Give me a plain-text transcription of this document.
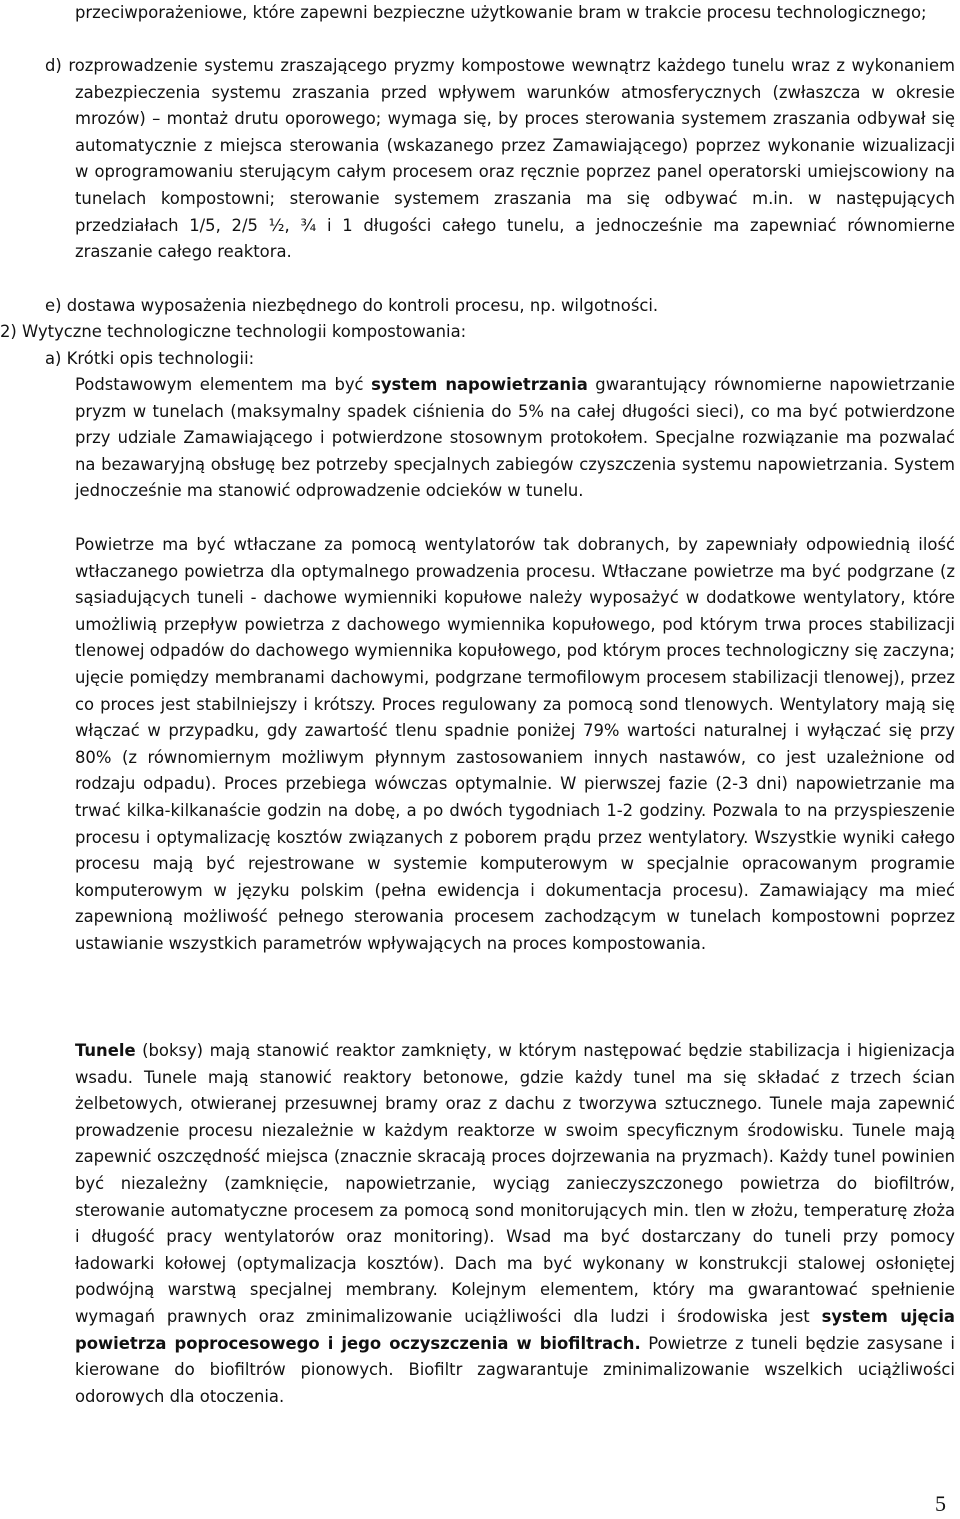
przeciwporażeniowe, które zapewni bezpieczne użytkowanie bram w trakcie procesu technologicznego;

d) rozprowadzenie systemu zraszającego pryzmy kompostowe wewnątrz każdego tunelu wraz z wykonaniem zabezpieczenia systemu zraszania przed wpływem warunków atmosferycznych (zwłaszcza w okresie mrozów) – montaż drutu oporowego; wymaga się, by proces sterowania systemem zraszania odbywał się automatycznie z miejsca sterowania (wskazanego przez Zamawiającego) poprzez wykonanie wizualizacji w oprogramowaniu sterującym całym procesem oraz ręcznie poprzez panel operatorski umiejscowiony na tunelach kompostowni; sterowanie systemem zraszania ma się odbywać m.in. w następujących przedziałach 1/5, 2/5 ½, ¾ i 1 długości całego tunelu, a jednocześnie ma zapewniać równomierne zraszanie całego reaktora.

e) dostawa wyposażenia niezbędnego do kontroli procesu, np. wilgotności.

2) Wytyczne technologiczne technologii kompostowania:

a) Krótki opis technologii:

Podstawowym elementem ma być system napowietrzania gwarantujący równomierne napowietrzanie pryzm w tunelach (maksymalny spadek ciśnienia do 5% na całej długości sieci), co ma być potwierdzone przy udziale Zamawiającego i potwierdzone stosownym protokołem. Specjalne rozwiązanie ma pozwalać na bezawaryjną obsługę bez potrzeby specjalnych zabiegów czyszczenia systemu napowietrzania. System jednocześnie ma stanowić odprowadzenie odcieków w tunelu.

Powietrze ma być wtłaczane za pomocą wentylatorów tak dobranych, by zapewniały odpowiednią ilość wtłaczanego powietrza dla optymalnego prowadzenia procesu. Wtłaczane powietrze ma być podgrzane (z sąsiadujących tuneli - dachowe wymienniki kopułowe należy wyposażyć w dodatkowe wentylatory, które umożliwią przepływ powietrza z dachowego wymiennika kopułowego, pod którym trwa proces stabilizacji tlenowej odpadów do dachowego wymiennika kopułowego, pod którym proces technologiczny się zaczyna; ujęcie pomiędzy membranami dachowymi, podgrzane termofilowym procesem stabilizacji tlenowej), przez co proces jest stabilniejszy i krótszy. Proces regulowany za pomocą sond tlenowych. Wentylatory mają się włączać w przypadku, gdy zawartość tlenu spadnie poniżej 79% wartości naturalnej i wyłączać się przy 80% (z równomiernym możliwym płynnym zastosowaniem innych nastawów, co jest uzależnione od rodzaju odpadu). Proces przebiega wówczas optymalnie. W pierwszej fazie (2-3 dni) napowietrzanie ma trwać kilka-kilkanaście godzin na dobę, a po dwóch tygodniach 1-2 godziny. Pozwala to na przyspieszenie procesu i optymalizację kosztów związanych z poborem prądu przez wentylatory. Wszystkie wyniki całego procesu mają być rejestrowane w systemie komputerowym w specjalnie opracowanym programie komputerowym w języku polskim (pełna ewidencja i dokumentacja procesu). Zamawiający ma mieć zapewnioną możliwość pełnego sterowania procesem zachodzącym w tunelach kompostowni poprzez ustawianie wszystkich parametrów wpływających na proces kompostowania.

Tunele (boksy) mają stanowić reaktor zamknięty, w którym następować będzie stabilizacja i higienizacja wsadu. Tunele mają stanowić reaktory betonowe, gdzie każdy tunel ma się składać z trzech ścian żelbetowych, otwieranej przesuwnej bramy oraz z dachu z tworzywa sztucznego. Tunele maja zapewnić prowadzenie procesu niezależnie w każdym reaktorze w swoim specyficznym środowisku. Tunele mają zapewnić oszczędność miejsca (znacznie skracają proces dojrzewania na pryzmach). Każdy tunel powinien być niezależny (zamknięcie, napowietrzanie, wyciąg zanieczyszczonego powietrza do biofiltrów, sterowanie automatyczne procesem za pomocą sond monitorujących min. tlen w złożu, temperaturę złoża i długość pracy wentylatorów oraz monitoring). Wsad ma być dostarczany do tuneli przy pomocy ładowarki kołowej (optymalizacja kosztów). Dach ma być wykonany w konstrukcji stalowej osłoniętej podwójną warstwą specjalnej membrany. Kolejnym elementem, który ma gwarantować spełnienie wymagań prawnych oraz zminimalizowanie uciążliwości dla ludzi i środowiska jest system ujęcia powietrza poprocesowego i jego oczyszczenia w biofiltrach. Powietrze z tuneli będzie zasysane i kierowane do biofiltrów pionowych. Biofiltr zagwarantuje zminimalizowanie wszelkich uciążliwości odorowych dla otoczenia.

5
